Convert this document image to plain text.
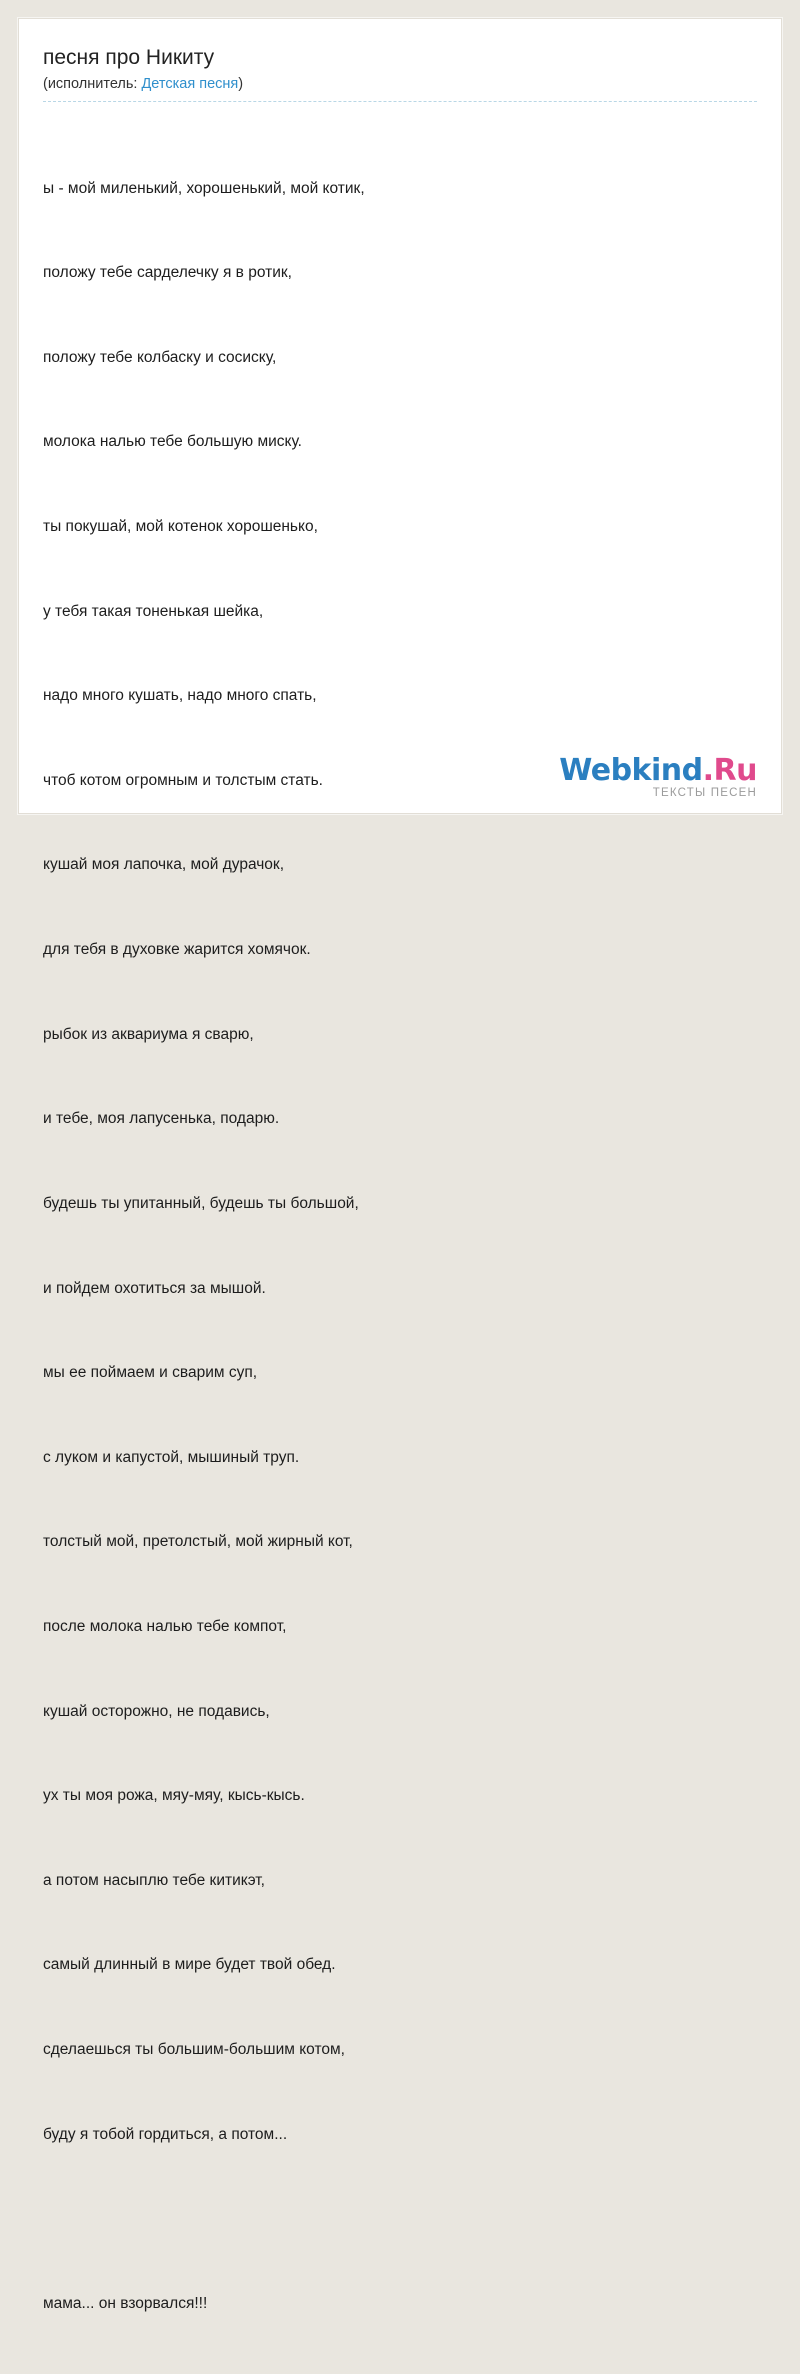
песня про Никиту
(исполнитель: Детская песня)

ы - мой миленький, хорошенький, мой котик,

положу тебе сарделечку я в ротик,

положу тебе колбаску и сосиску,

молока налью тебе большую миску.

ты покушай, мой котенок хорошенько,

у тебя такая тоненькая шейка,

надо много кушать, надо много спать,

чтоб котом огромным и толстым стать.

кушай моя лапочка, мой дурачок,

для тебя в духовке жарится хомячок.

рыбок из аквариума я сварю,

и тебе, моя лапусенька, подарю.

будешь ты упитанный, будешь ты большой,

и пойдем охотиться за мышой.

мы ее поймаем и сварим суп,

с луком и капустой, мышиный труп.

толстый мой, претолстый, мой жирный кот,

после молока налью тебе компот,

кушай осторожно, не подавись,

ух ты моя рожа, мяу-мяу, кысь-кысь.

а потом насыплю тебе китикэт,

самый длинный в мире будет твой обед.

сделаешься ты большим-большим котом,

буду я тобой гордиться, а потом...

мама... он взорвался!!!

Webkind.Ru
ТЕКСТЫ ПЕСЕН
